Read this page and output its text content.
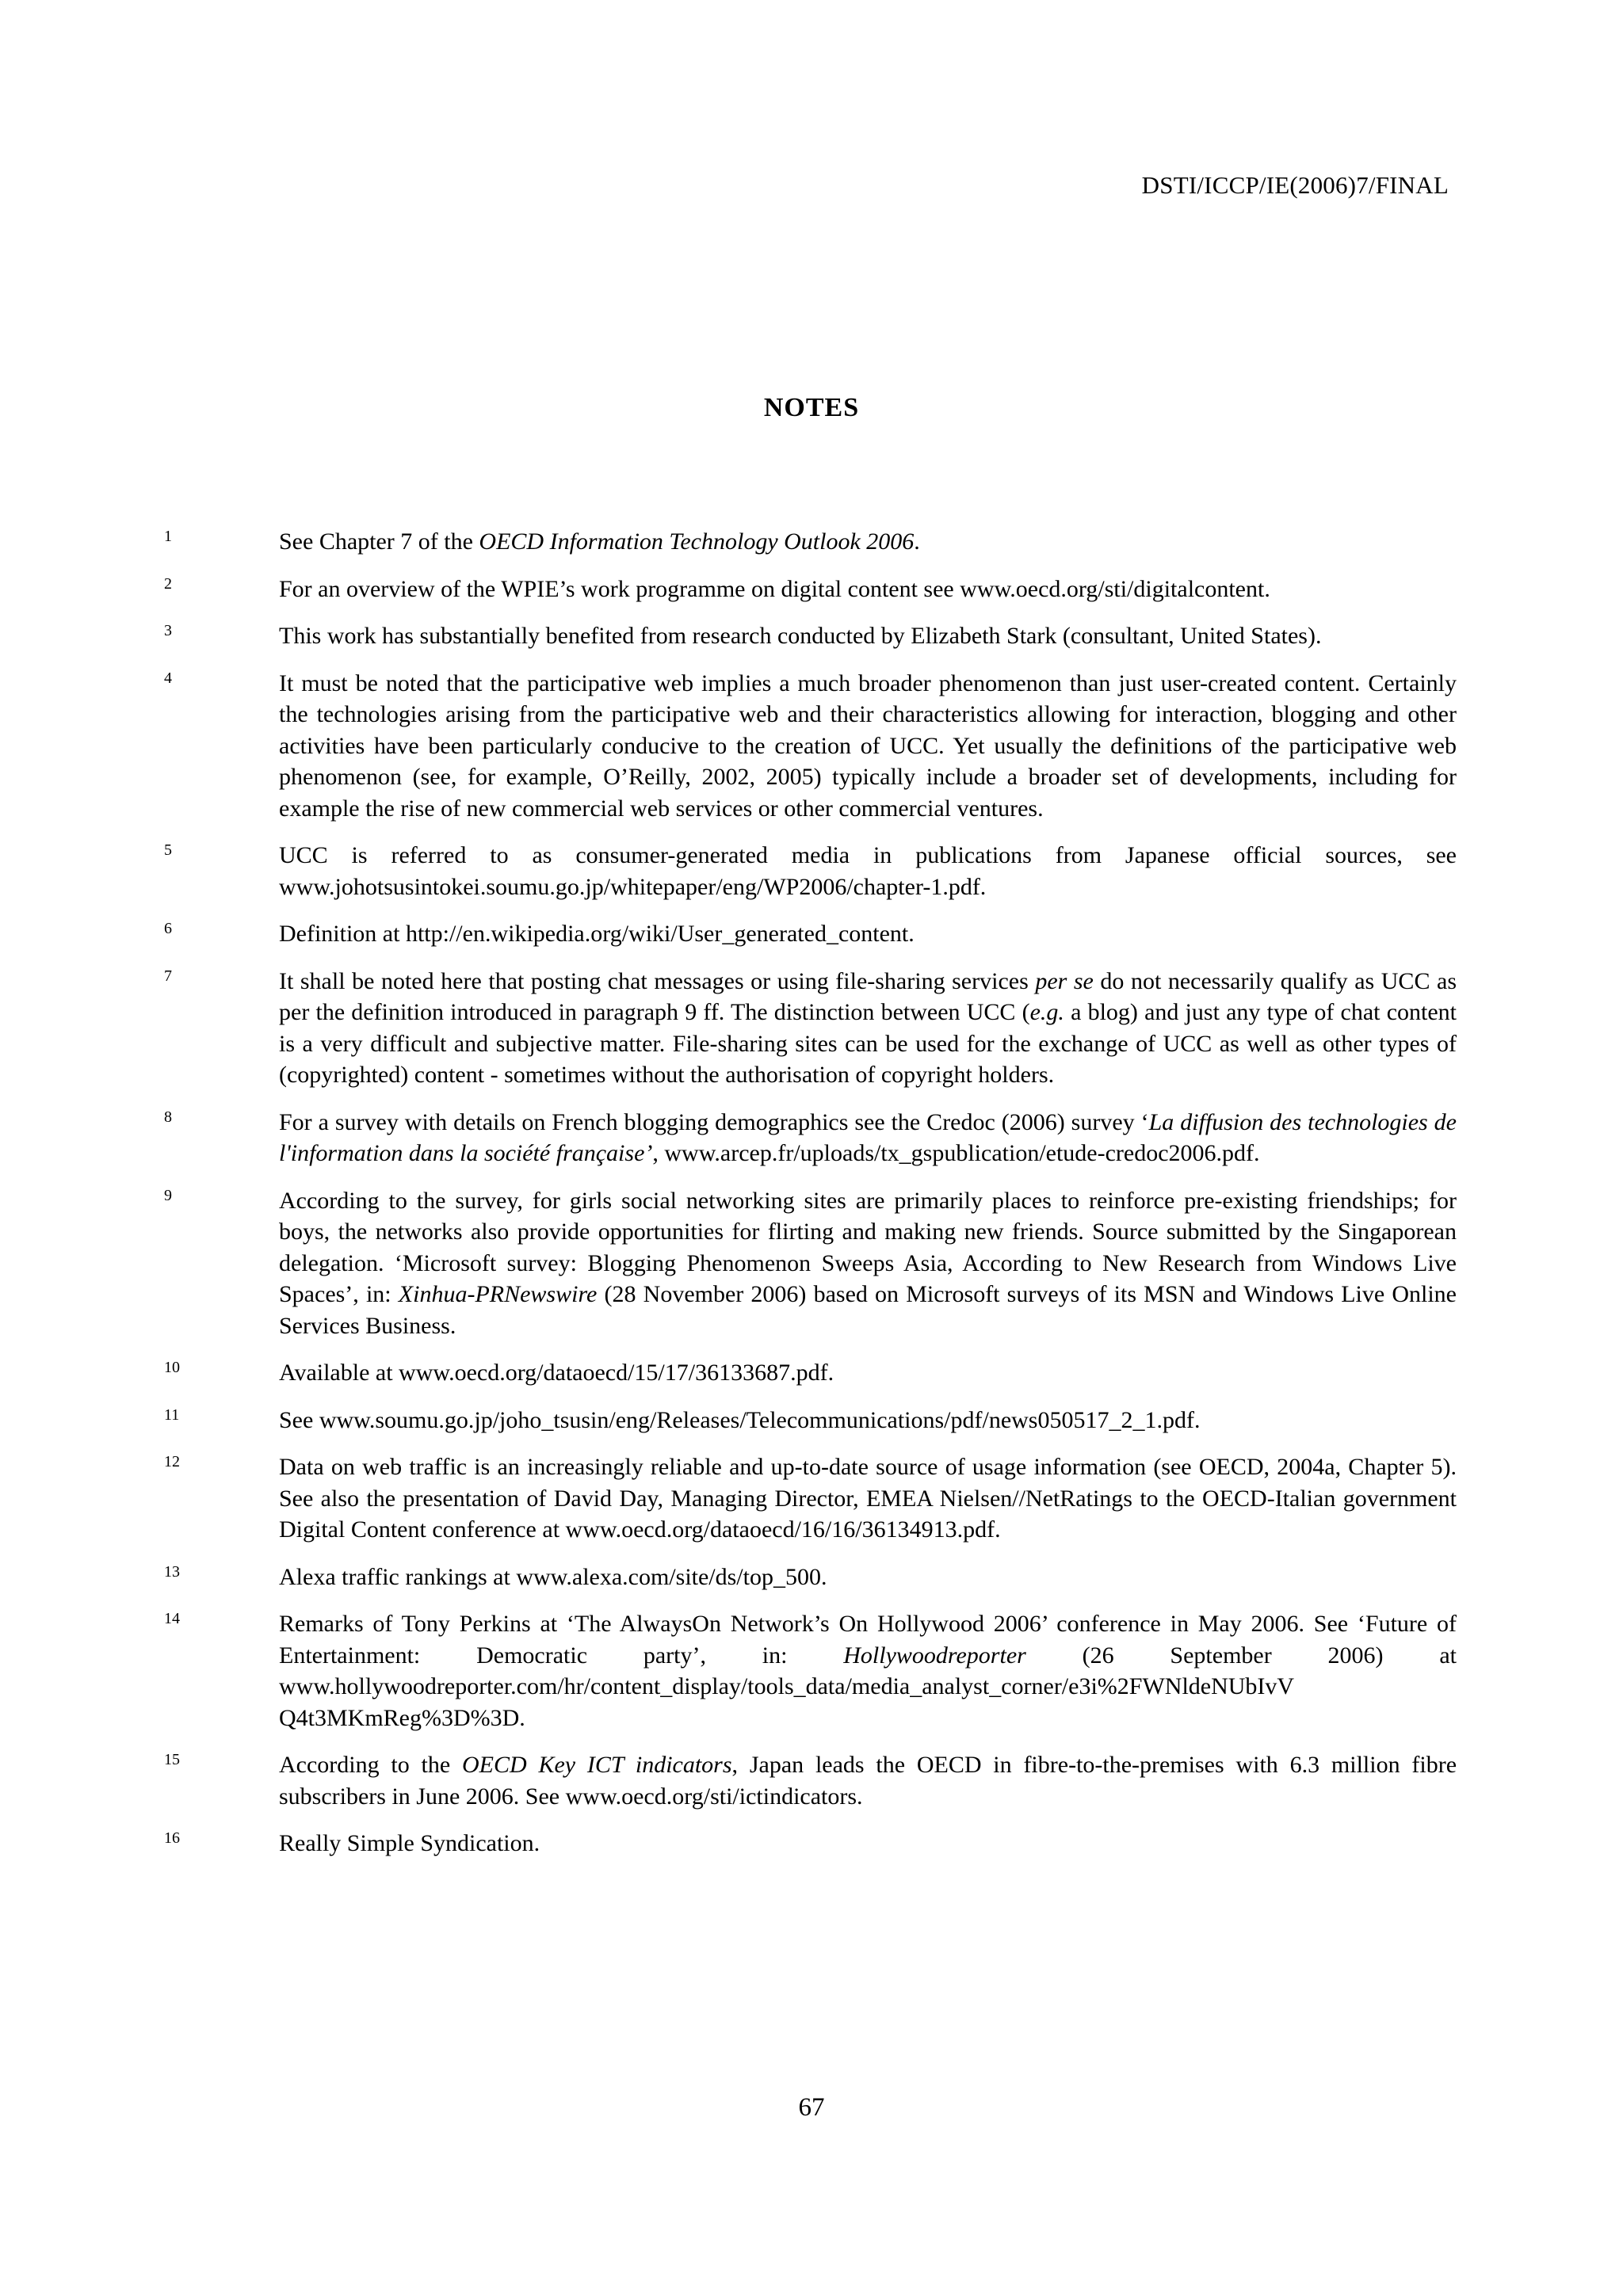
DSTI/ICCP/IE(2006)7/FINAL
NOTES
1	See Chapter 7 of the OECD Information Technology Outlook 2006.
2	For an overview of the WPIE’s work programme on digital content see www.oecd.org/sti/digitalcontent.
3	This work has substantially benefited from research conducted by Elizabeth Stark (consultant, United States).
4	It must be noted that the participative web implies a much broader phenomenon than just user-created content. Certainly the technologies arising from the participative web and their characteristics allowing for interaction, blogging and other activities have been particularly conducive to the creation of UCC. Yet usually the definitions of the participative web phenomenon (see, for example, O’Reilly, 2002, 2005) typically include a broader set of developments, including for example the rise of new commercial web services or other commercial ventures.
5	UCC is referred to as consumer-generated media in publications from Japanese official sources, see www.johotsusintokei.soumu.go.jp/whitepaper/eng/WP2006/chapter-1.pdf.
6	Definition at http://en.wikipedia.org/wiki/User_generated_content.
7	It shall be noted here that posting chat messages or using file-sharing services per se do not necessarily qualify as UCC as per the definition introduced in paragraph 9 ff. The distinction between UCC (e.g. a blog) and just any type of chat content is a very difficult and subjective matter. File-sharing sites can be used for the exchange of UCC as well as other types of (copyrighted) content - sometimes without the authorisation of copyright holders.
8	For a survey with details on French blogging demographics see the Credoc (2006) survey ‘La diffusion des technologies de l'information dans la société française’, www.arcep.fr/uploads/tx_gspublication/etude-credoc2006.pdf.
9	According to the survey, for girls social networking sites are primarily places to reinforce pre-existing friendships; for boys, the networks also provide opportunities for flirting and making new friends. Source submitted by the Singaporean delegation. ‘Microsoft survey: Blogging Phenomenon Sweeps Asia, According to New Research from Windows Live Spaces’, in: Xinhua-PRNewswire (28 November 2006) based on Microsoft surveys of its MSN and Windows Live Online Services Business.
10	Available at www.oecd.org/dataoecd/15/17/36133687.pdf.
11	See www.soumu.go.jp/joho_tsusin/eng/Releases/Telecommunications/pdf/news050517_2_1.pdf.
12	Data on web traffic is an increasingly reliable and up-to-date source of usage information (see OECD, 2004a, Chapter 5). See also the presentation of David Day, Managing Director, EMEA Nielsen//NetRatings to the OECD-Italian government Digital Content conference at www.oecd.org/dataoecd/16/16/36134913.pdf.
13	Alexa traffic rankings at www.alexa.com/site/ds/top_500.
14	Remarks of Tony Perkins at ‘The AlwaysOn Network’s On Hollywood 2006’ conference in May 2006. See ‘Future of Entertainment: Democratic party’, in: Hollywoodreporter (26 September 2006) at www.hollywoodreporter.com/hr/content_display/tools_data/media_analyst_corner/e3i%2FWNldeNUbIvV Q4t3MKmReg%3D%3D.
15	According to the OECD Key ICT indicators, Japan leads the OECD in fibre-to-the-premises with 6.3 million fibre subscribers in June 2006. See www.oecd.org/sti/ictindicators.
16	Really Simple Syndication.
67
